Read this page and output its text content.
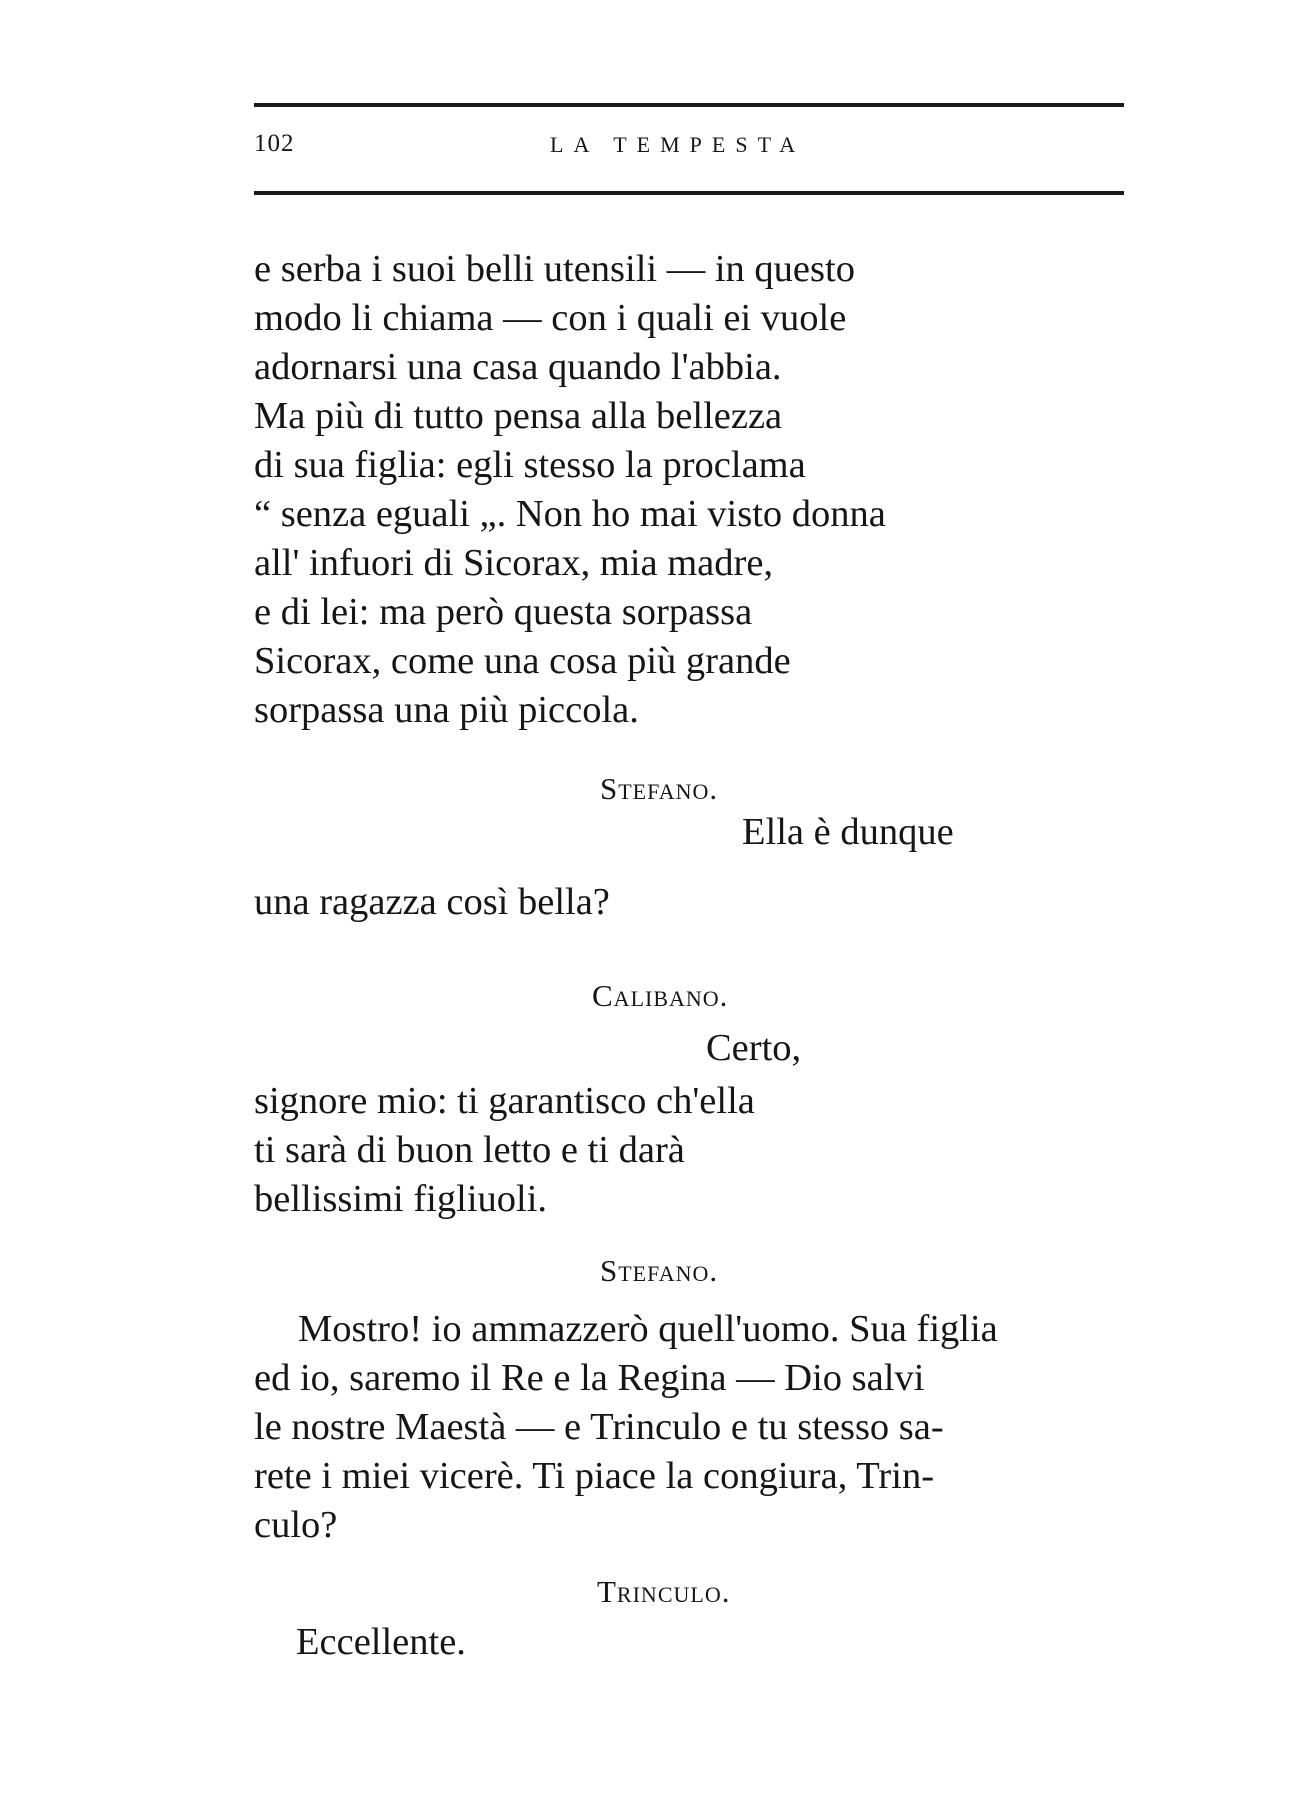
102	LA TEMPESTA
e serba i suoi belli utensili — in questo
modo li chiama — con i quali ei vuole
adornarsi una casa quando l'abbia.
Ma più di tutto pensa alla bellezza
di sua figlia: egli stesso la proclama
“ senza eguali „. Non ho mai visto donna
all' infuori di Sicorax, mia madre,
e di lei: ma però questa sorpassa
Sicorax, come una cosa più grande
sorpassa una più piccola.
Stefano.
Ella è dunque
una ragazza così bella?
Calibano.
Certo,
signore mio: ti garantisco ch'ella
ti sarà di buon letto e ti darà
bellissimi figliuoli.
Stefano.
Mostro! io ammazzerò quell'uomo. Sua figlia
ed io, saremo il Re e la Regina — Dio salvi
le nostre Maestà — e Trinculo e tu stesso sa-
rete i miei vicerè. Ti piace la congiura, Trin-
culo?
Trinculo.
Eccellente.
